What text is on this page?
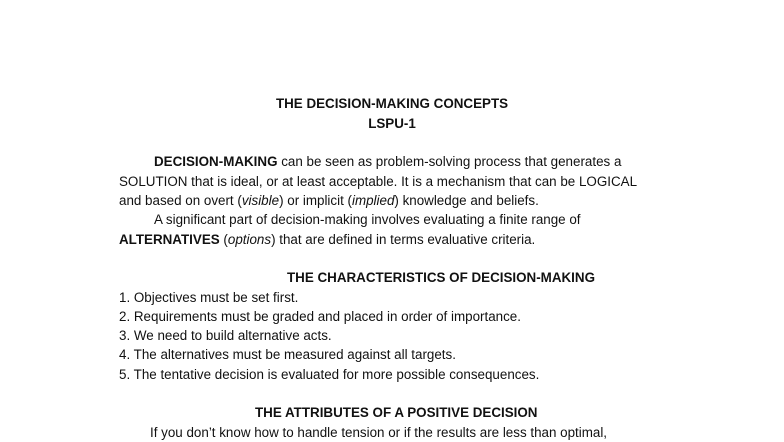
THE DECISION-MAKING CONCEPTS
LSPU-1
DECISION-MAKING can be seen as problem-solving process that generates a
SOLUTION that is ideal, or at least acceptable. It is a mechanism that can be LOGICAL
and based on overt (visible) or implicit (implied) knowledge and beliefs.
A significant part of decision-making involves evaluating a finite range of
ALTERNATIVES (options) that are defined in terms evaluative criteria.
THE CHARACTERISTICS OF DECISION-MAKING
1. Objectives must be set first.
2. Requirements must be graded and placed in order of importance.
3. We need to build alternative acts.
4. The alternatives must be measured against all targets.
5. The tentative decision is evaluated for more possible consequences.
THE ATTRIBUTES OF A POSITIVE DECISION
If you don’t know how to handle tension or if the results are less than optimal,
